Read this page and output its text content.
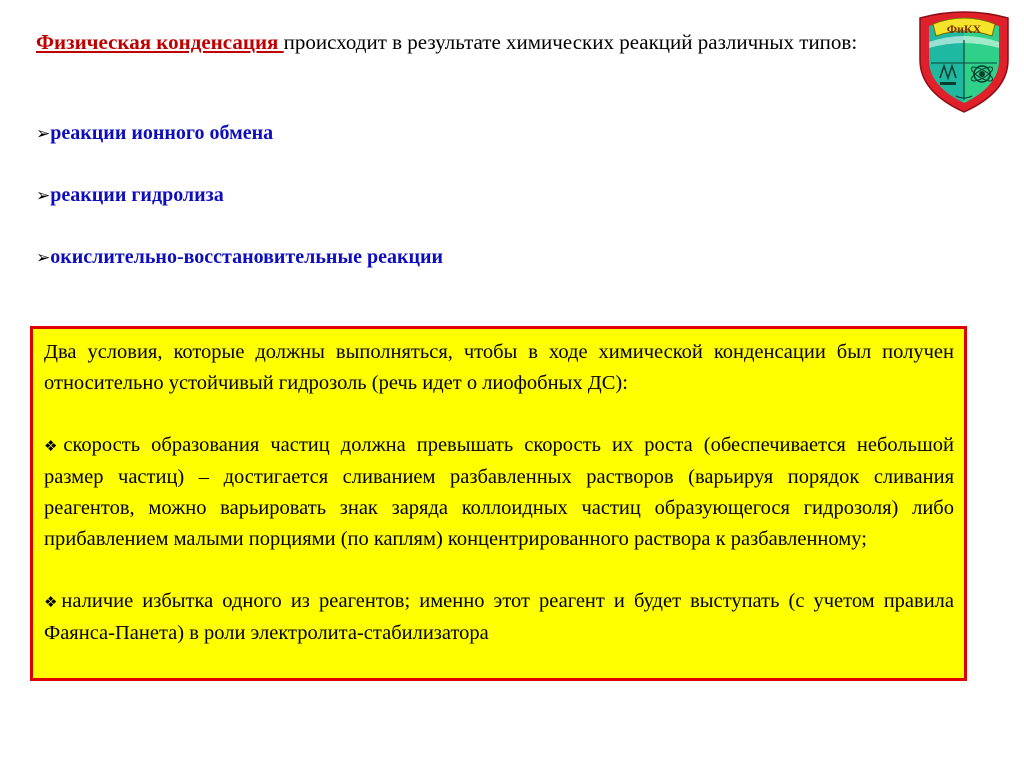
Физическая конденсация происходит в результате химических реакций различных типов:
➢реакции ионного обмена
➢реакции гидролиза
➢окислительно-восстановительные реакции
ФиКХ

Два условия, которые должны выполняться, чтобы в ходе химической конденсации был получен относительно устойчивый гидрозоль (речь идет о лиофобных ДС):

❖скорость образования частиц должна превышать скорость их роста (обеспечивается небольшой размер частиц) – достигается сливанием разбавленных растворов (варьируя порядок сливания реагентов, можно варьировать знак заряда коллоидных частиц образующегося гидрозоля) либо прибавлением малыми порциями (по каплям) концентрированного раствора к разбавленному;

❖наличие избытка одного из реагентов; именно этот реагент и будет выступать (с учетом правила Фаянса-Панета) в роли электролита-стабилизатора
